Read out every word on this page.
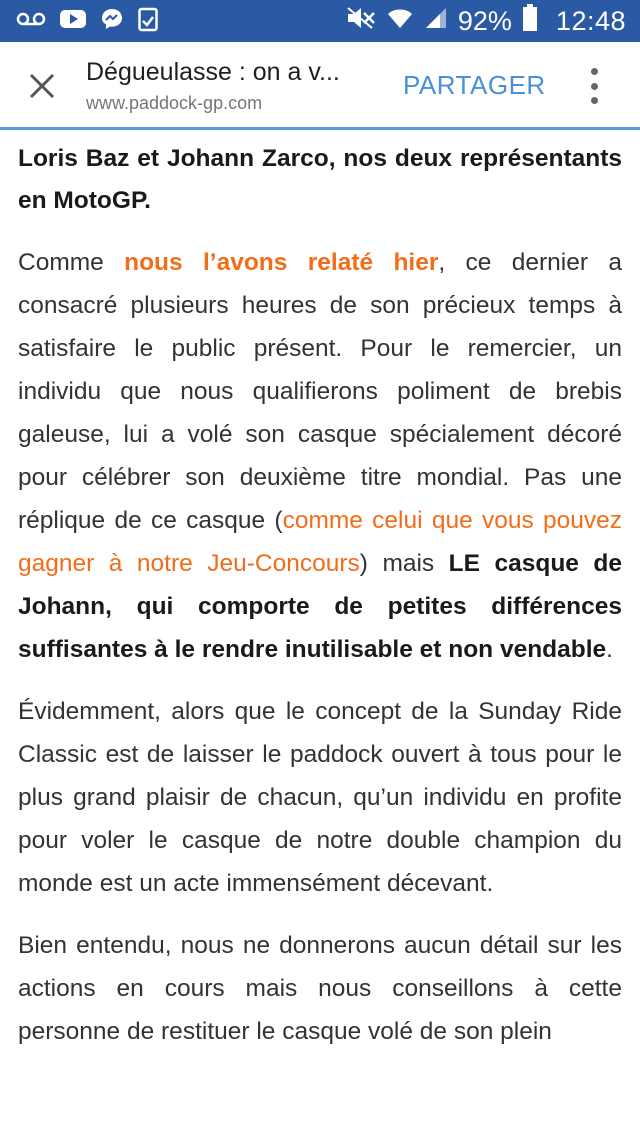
92% 12:48
Dégueulasse : on a v...
www.paddock-gp.com
PARTAGER

Loris Baz et Johann Zarco, nos deux représentants en MotoGP.

Comme nous l’avons relaté hier, ce dernier a consacré plusieurs heures de son précieux temps à satisfaire le public présent. Pour le remercier, un individu que nous qualifierons poliment de brebis galeuse, lui a volé son casque spécialement décoré pour célébrer son deuxième titre mondial. Pas une réplique de ce casque (comme celui que vous pouvez gagner à notre Jeu-Concours) mais LE casque de Johann, qui comporte de petites différences suffisantes à le rendre inutilisable et non vendable.

Évidemment, alors que le concept de la Sunday Ride Classic est de laisser le paddock ouvert à tous pour le plus grand plaisir de chacun, qu’un individu en profite pour voler le casque de notre double champion du monde est un acte immensément décevant.

Bien entendu, nous ne donnerons aucun détail sur les actions en cours mais nous conseillons à cette personne de restituer le casque volé de son plein
